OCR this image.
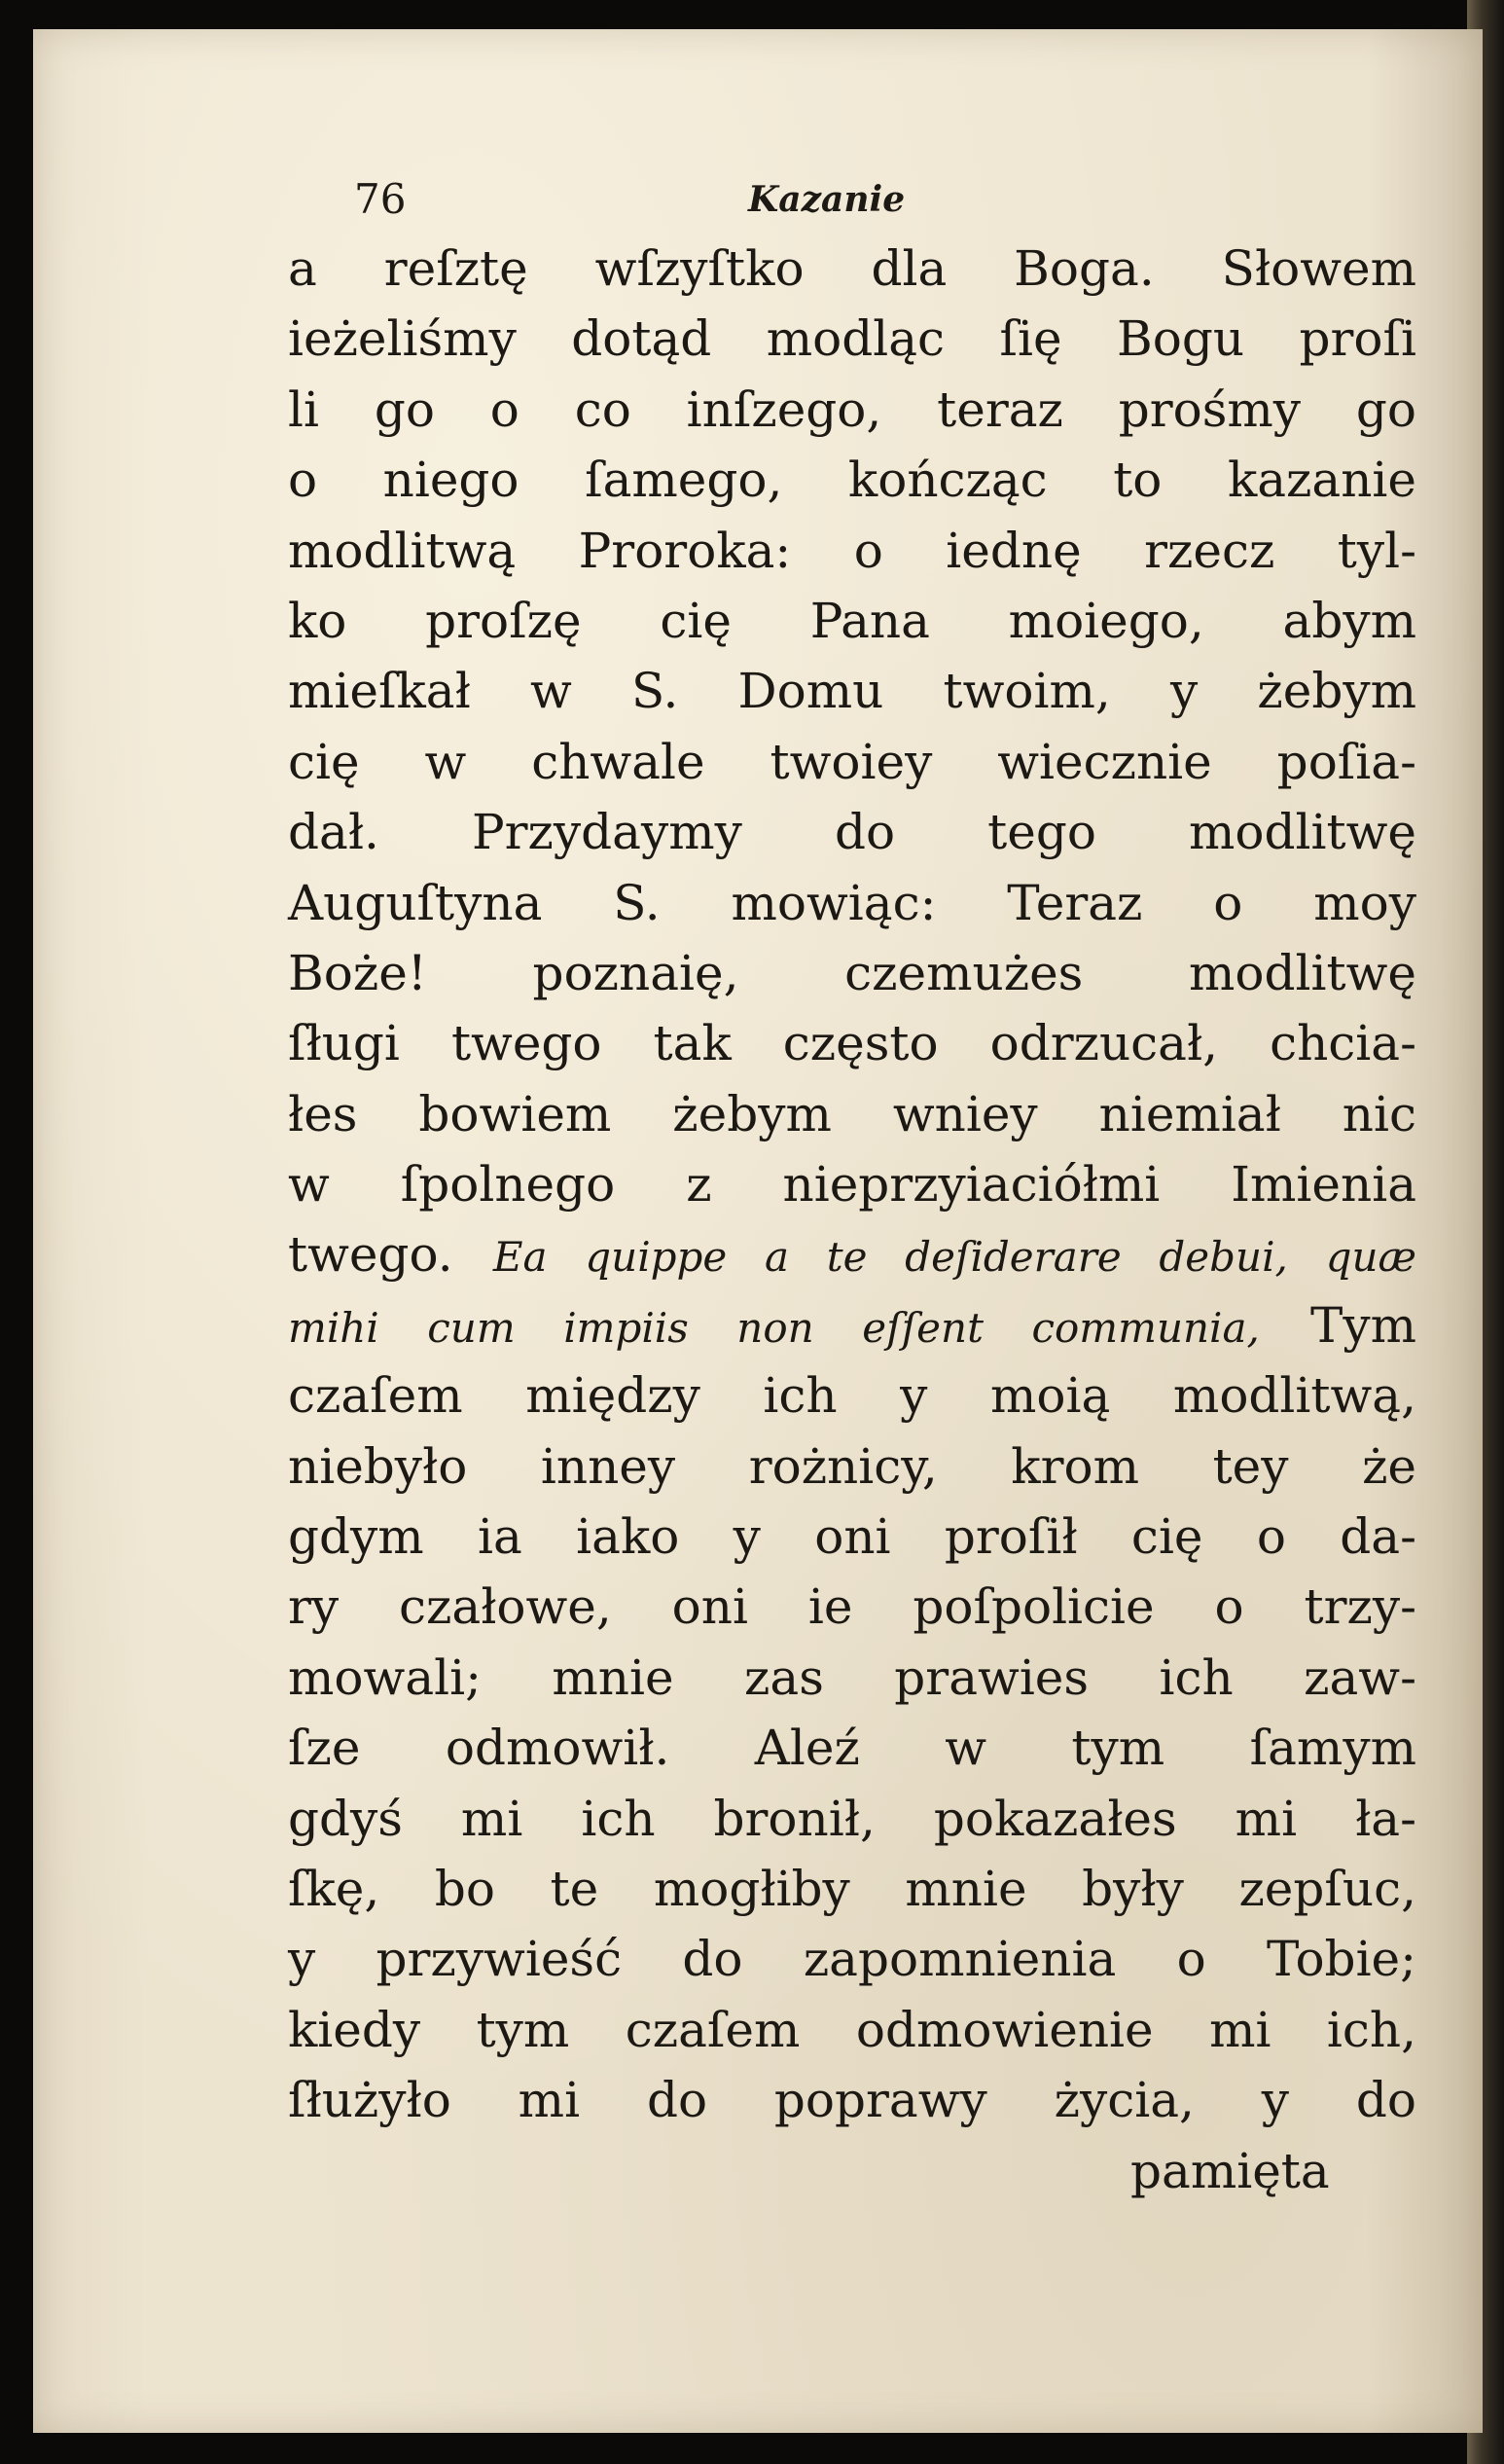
76	Kazanie
a reſztę wſzyſtko dla Boga. Słowem
ieżeliśmy dotąd modląc ſię Bogu proſi
li go o co inſzego, teraz prośmy go
o niego ſamego, kończąc to kazanie
modlitwą Proroka: o iednę rzecz tyl-
ko proſzę cię Pana moiego, abym
mieſkał w S. Domu twoim, y żebym
cię w chwale twoiey wiecznie poſia-
dał. Przydaymy do tego modlitwę
Auguſtyna S. mowiąc: Teraz o moy
Boże! poznaię, czemużes modlitwę
ſługi twego tak często odrzucał, chcia-
łes bowiem żebym wniey niemiał nic
w ſpolnego z nieprzyiaciółmi Imienia
twego. Ea quippe a te deſiderare debui, quæ
mihi cum impiis non eſſent communia, Tym
czaſem między ich y moią modlitwą,
niebyło inney rożnicy, krom tey że
gdym ia iako y oni proſił cię o da-
ry czałowe, oni ie poſpolicie o trzy-
mowali; mnie zas prawies ich zaw-
ſze odmowił. Aleź w tym ſamym
gdyś mi ich bronił, pokazałes mi ła-
ſkę, bo te mogłiby mnie były zepſuc,
y przywieść do zapomnienia o Tobie;
kiedy tym czaſem odmowienie mi ich,
ſłużyło mi do poprawy życia, y do
pamięta
